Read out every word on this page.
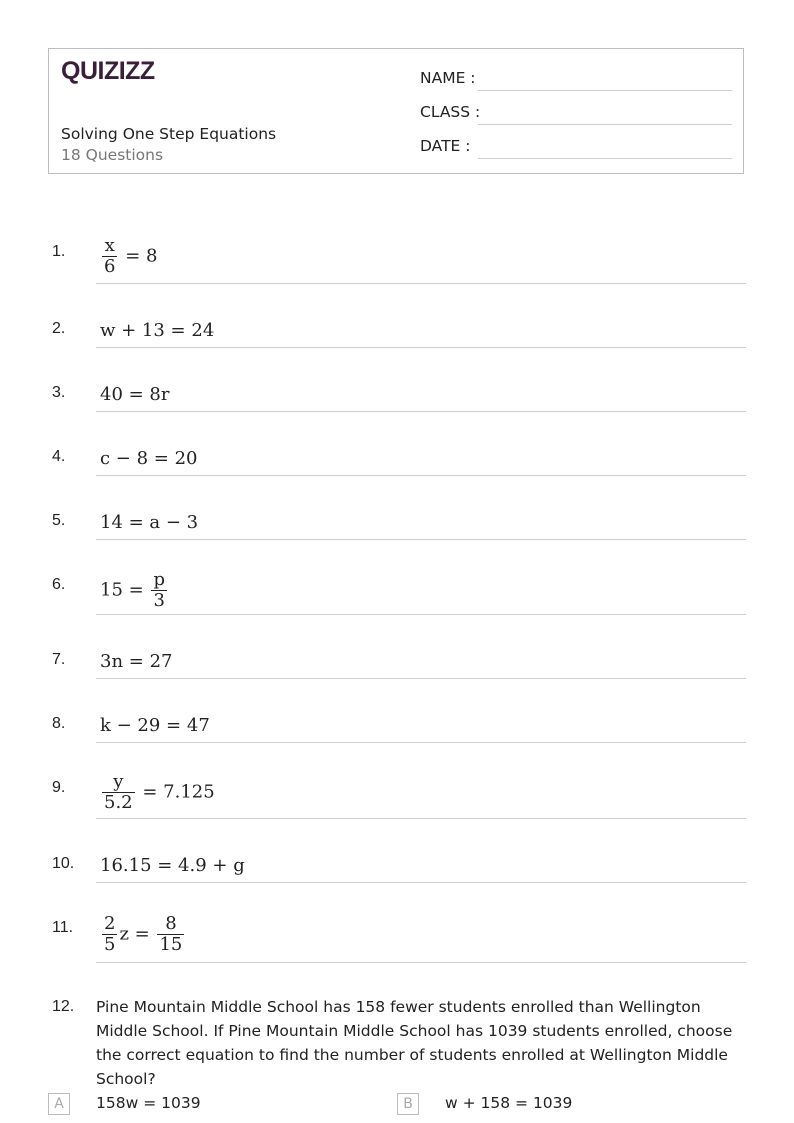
QUIZIZZ
Solving One Step Equations
18 Questions
NAME :
CLASS :
DATE :
1.	$\frac{x}{6} = 8$
2.	w + 13 = 24
3.	40 = 8r
4.	c − 8 = 20
5.	14 = a − 3
6.	$15 = \frac{p}{3}$
7.	3n = 27
8.	k − 29 = 47
9.	$\frac{y}{5.2} = 7.125$
10.	16.15 = 4.9 + g
11.	$\frac{2}{5}$ $z = \frac{8}{15}$
12.	Pine Mountain Middle School has 158 fewer students enrolled than Wellington Middle School. If Pine Mountain Middle School has 1039 students enrolled, choose the correct equation to find the number of students enrolled at Wellington Middle School?
A	158w = 1039	B	w + 158 = 1039
